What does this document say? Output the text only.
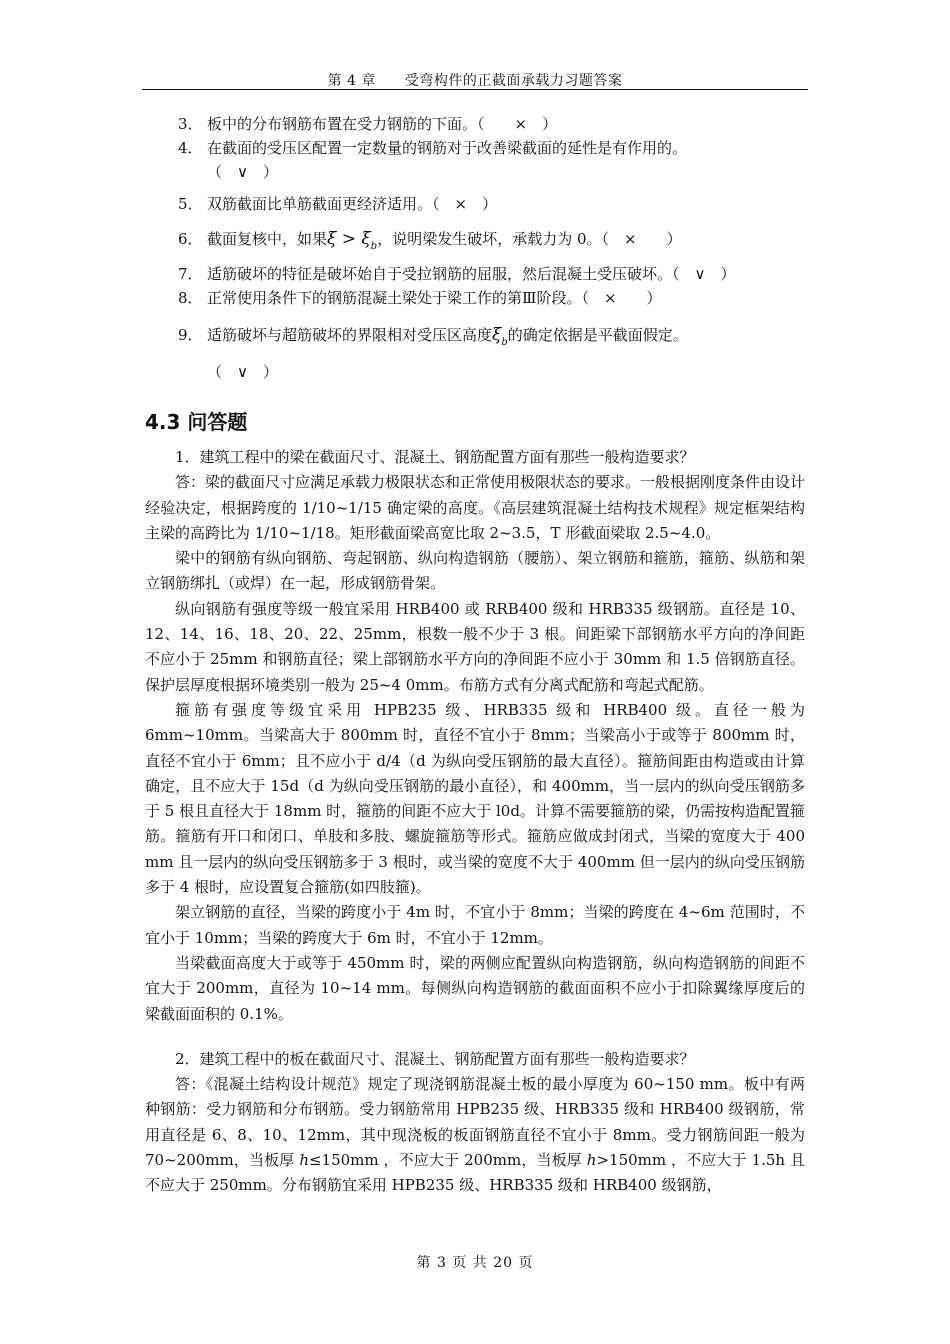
第 4 章　　受弯构件的正截面承载力习题答案
3． 板中的分布钢筋布置在受力钢筋的下面。（　　×　）
4． 在截面的受压区配置一定数量的钢筋对于改善梁截面的延性是有作用的。
（　∨　）
5． 双筋截面比单筋截面更经济适用。（　×　）
6． 截面复核中，如果$\xi > \xi_b$，说明梁发生破坏，承载力为 0。（　×　　）
7． 适筋破坏的特征是破坏始自于受拉钢筋的屈服，然后混凝土受压破坏。（　∨　）
8． 正常使用条件下的钢筋混凝土梁处于梁工作的第Ⅲ阶段。（　×　　）
9． 适筋破坏与超筋破坏的界限相对受压区高度$\xi_b$的确定依据是平截面假定。
（　∨　）
4.3 问答题

1．建筑工程中的梁在截面尺寸、混凝土、钢筋配置方面有那些一般构造要求？

答：梁的截面尺寸应满足承载力极限状态和正常使用极限状态的要求。一般根据刚度条件由设计经验决定，根据跨度的 1/10~1/15 确定梁的高度。《高层建筑混凝土结构技术规程》规定框架结构主梁的高跨比为 1/10~1/18。矩形截面梁高宽比取 2~3.5，T 形截面梁取 2.5~4.0。

梁中的钢筋有纵向钢筋、弯起钢筋、纵向构造钢筋（腰筋）、架立钢筋和箍筋，箍筋、纵筋和架立钢筋绑扎（或焊）在一起，形成钢筋骨架。

纵向钢筋有强度等级一般宜采用 HRB400 或 RRB400 级和 HRB335 级钢筋。直径是 10、12、14、16、18、20、22、25mm，根数一般不少于 3 根。间距梁下部钢筋水平方向的净间距不应小于 25mm 和钢筋直径；梁上部钢筋水平方向的净间距不应小于 30mm 和 1.5 倍钢筋直径。保护层厚度根据环境类别一般为 25~4 0mm。布筋方式有分离式配筋和弯起式配筋。

箍筋有强度等级宜采用 HPB235 级、HRB335 级和 HRB400 级。直径一般为 6mm~10mm。当梁高大于 800mm 时，直径不宜小于 8mm；当梁高小于或等于 800mm 时，直径不宜小于 6mm；且不应小于 d/4（d 为纵向受压钢筋的最大直径）。箍筋间距由构造或由计算确定，且不应大于 15d（d 为纵向受压钢筋的最小直径），和 400mm，当一层内的纵向受压钢筋多于 5 根且直径大于 18mm 时，箍筋的间距不应大于 l0d。计算不需要箍筋的梁，仍需按构造配置箍筋。箍筋有开口和闭口、单肢和多肢、螺旋箍筋等形式。箍筋应做成封闭式，当梁的宽度大于 400 mm 且一层内的纵向受压钢筋多于 3 根时，或当梁的宽度不大于 400mm 但一层内的纵向受压钢筋多于 4 根时，应设置复合箍筋(如四肢箍)。

架立钢筋的直径，当梁的跨度小于 4m 时，不宜小于 8mm；当梁的跨度在 4~6m 范围时，不宜小于 10mm；当梁的跨度大于 6m 时，不宜小于 12mm。

当梁截面高度大于或等于 450mm 时，梁的两侧应配置纵向构造钢筋，纵向构造钢筋的间距不宜大于 200mm，直径为 10~14 mm。每侧纵向构造钢筋的截面面积不应小于扣除翼缘厚度后的梁截面面积的 0.1%。

2．建筑工程中的板在截面尺寸、混凝土、钢筋配置方面有那些一般构造要求？

答：《混凝土结构设计规范》规定了现浇钢筋混凝土板的最小厚度为 60~150 mm。板中有两种钢筋：受力钢筋和分布钢筋。受力钢筋常用 HPB235 级、HRB335 级和 HRB400 级钢筋，常用直径是 6、8、10、12mm，其中现浇板的板面钢筋直径不宜小于 8mm。受力钢筋间距一般为 70~200mm，当板厚 h≤150mm ，不应大于 200mm，当板厚 h>150mm ，不应大于 1.5h 且不应大于 250mm。分布钢筋宜采用 HPB235 级、HRB335 级和 HRB400 级钢筋，

第 3 页 共 20 页
